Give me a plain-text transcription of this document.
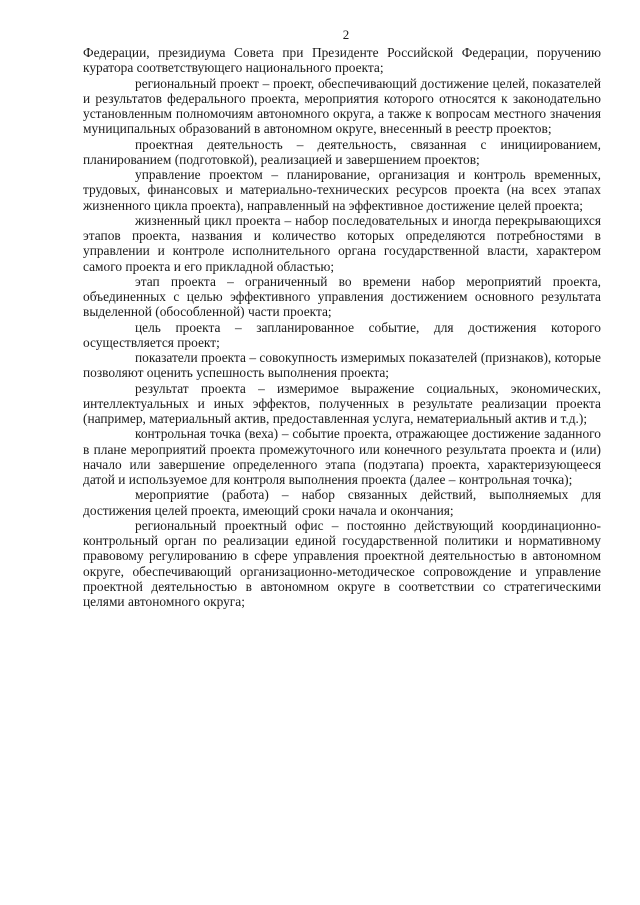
2

Федерации, президиума Совета при Президенте Российской Федерации, поручению куратора соответствующего национального проекта;

региональный проект – проект, обеспечивающий достижение целей, показателей и результатов федерального проекта, мероприятия которого относятся к законодательно установленным полномочиям автономного округа, а также к вопросам местного значения муниципальных образований в автономном округе, внесенный в реестр проектов;

проектная деятельность – деятельность, связанная с инициированием, планированием (подготовкой), реализацией и завершением проектов;

управление проектом – планирование, организация и контроль временных, трудовых, финансовых и материально-технических ресурсов проекта (на всех этапах жизненного цикла проекта), направленный на эффективное достижение целей проекта;

жизненный цикл проекта – набор последовательных и иногда перекрывающихся этапов проекта, названия и количество которых определяются потребностями в управлении и контроле исполнительного органа государственной власти, характером самого проекта и его прикладной областью;

этап проекта – ограниченный во времени набор мероприятий проекта, объединенных с целью эффективного управления достижением основного результата выделенной (обособленной) части проекта;

цель проекта – запланированное событие, для достижения которого осуществляется проект;

показатели проекта – совокупность измеримых показателей (признаков), которые позволяют оценить успешность выполнения проекта;

результат проекта – измеримое выражение социальных, экономических, интеллектуальных и иных эффектов, полученных в результате реализации проекта (например, материальный актив, предоставленная услуга, нематериальный актив и т.д.);

контрольная точка (веха) – событие проекта, отражающее достижение заданного в плане мероприятий проекта промежуточного или конечного результата проекта и (или) начало или завершение определенного этапа (подэтапа) проекта, характеризующееся датой и используемое для контроля выполнения проекта (далее – контрольная точка);

мероприятие (работа) – набор связанных действий, выполняемых для достижения целей проекта, имеющий сроки начала и окончания;

региональный проектный офис – постоянно действующий координационно-контрольный орган по реализации единой государственной политики и нормативному правовому регулированию в сфере управления проектной деятельностью в автономном округе, обеспечивающий организационно-методическое сопровождение и управление проектной деятельностью в автономном округе в соответствии со стратегическими целями автономного округа;
